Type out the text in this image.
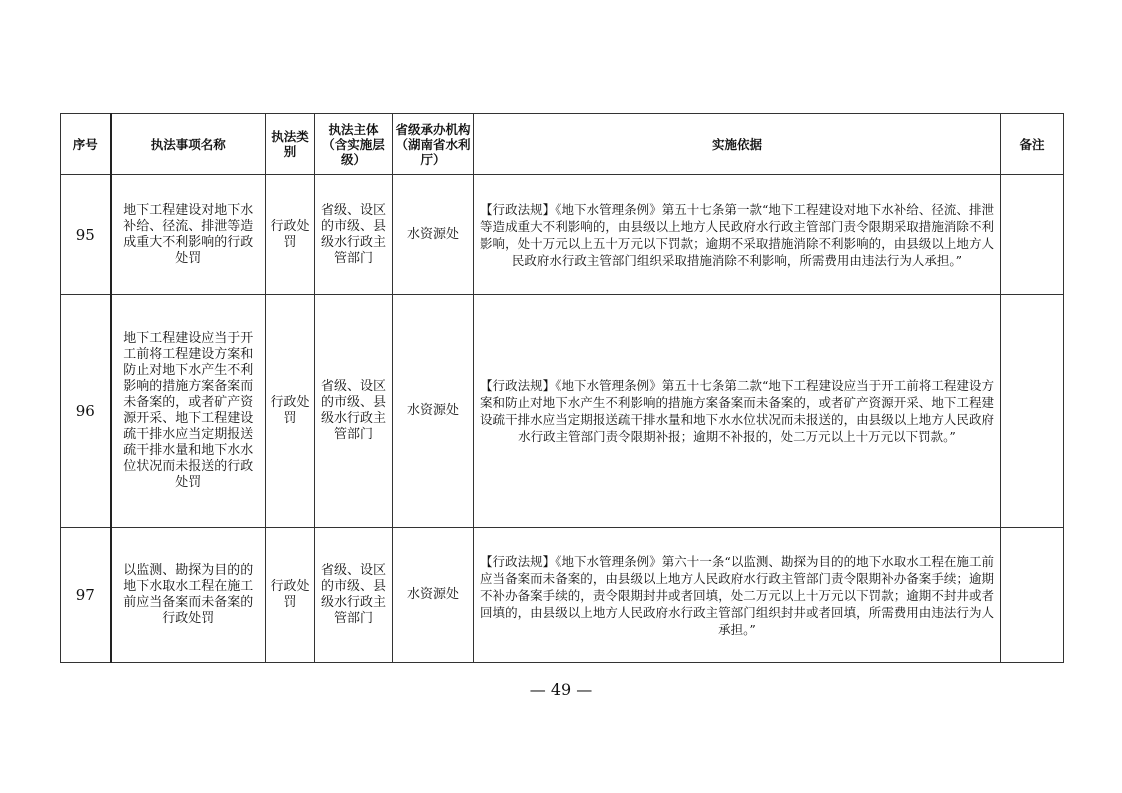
序号	执法事项名称	执法类别	执法主体（含实施层级）	省级承办机构（湖南省水利厅）	实施依据	备注
95	地下工程建设对地下水补给、径流、排泄等造成重大不利影响的行政处罚	行政处罚	省级、设区的市级、县级水行政主管部门	水资源处	【行政法规】《地下水管理条例》第五十七条第一款“地下工程建设对地下水补给、径流、排泄等造成重大不利影响的，由县级以上地方人民政府水行政主管部门责令限期采取措施消除不利影响，处十万元以上五十万元以下罚款；逾期不采取措施消除不利影响的，由县级以上地方人民政府水行政主管部门组织采取措施消除不利影响，所需费用由违法行为人承担。”	
96	地下工程建设应当于开工前将工程建设方案和防止对地下水产生不利影响的措施方案备案而未备案的，或者矿产资源开采、地下工程建设疏干排水应当定期报送疏干排水量和地下水水位状况而未报送的行政处罚	行政处罚	省级、设区的市级、县级水行政主管部门	水资源处	【行政法规】《地下水管理条例》第五十七条第二款“地下工程建设应当于开工前将工程建设方案和防止对地下水产生不利影响的措施方案备案而未备案的，或者矿产资源开采、地下工程建设疏干排水应当定期报送疏干排水量和地下水水位状况而未报送的，由县级以上地方人民政府水行政主管部门责令限期补报；逾期不补报的，处二万元以上十万元以下罚款。”	
97	以监测、勘探为目的的地下水取水工程在施工前应当备案而未备案的行政处罚	行政处罚	省级、设区的市级、县级水行政主管部门	水资源处	【行政法规】《地下水管理条例》第六十一条“以监测、勘探为目的的地下水取水工程在施工前应当备案而未备案的，由县级以上地方人民政府水行政主管部门责令限期补办备案手续；逾期不补办备案手续的，责令限期封井或者回填，处二万元以上十万元以下罚款；逾期不封井或者回填的，由县级以上地方人民政府水行政主管部门组织封井或者回填，所需费用由违法行为人承担。”	
— 49 —
